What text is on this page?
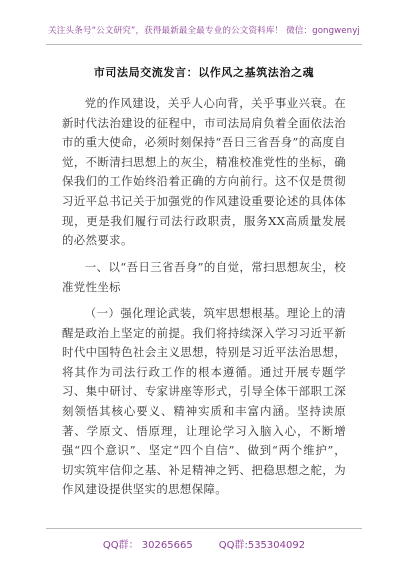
关注头条号“公文研究”，获得最新最全最专业的公文资料库！ 微信：gongwenyj
市司法局交流发言：以作风之基筑法治之魂

党的作风建设，关乎人心向背，关乎事业兴衰。在新时代法治建设的征程中，市司法局肩负着全面依法治市的重大使命，必须时刻保持“吾日三省吾身”的高度自觉，不断清扫思想上的灰尘，精准校准党性的坐标，确保我们的工作始终沿着正确的方向前行。这不仅是贯彻习近平总书记关于加强党的作风建设重要论述的具体体现，更是我们履行司法行政职责，服务XX高质量发展的必然要求。

一、以“吾日三省吾身”的自觉，常扫思想灰尘，校准党性坐标

（一）强化理论武装，筑牢思想根基。理论上的清醒是政治上坚定的前提。我们将持续深入学习习近平新时代中国特色社会主义思想，特别是习近平法治思想，将其作为司法行政工作的根本遵循。通过开展专题学习、集中研讨、专家讲座等形式，引导全体干部职工深刻领悟其核心要义、精神实质和丰富内涵。坚持读原著、学原文、悟原理，让理论学习入脑入心，不断增强“四个意识”、坚定“四个自信”、做到“两个维护”，切实筑牢信仰之基、补足精神之钙、把稳思想之舵，为作风建设提供坚实的思想保障。

QQ群： 30265665	QQ群:535304092
